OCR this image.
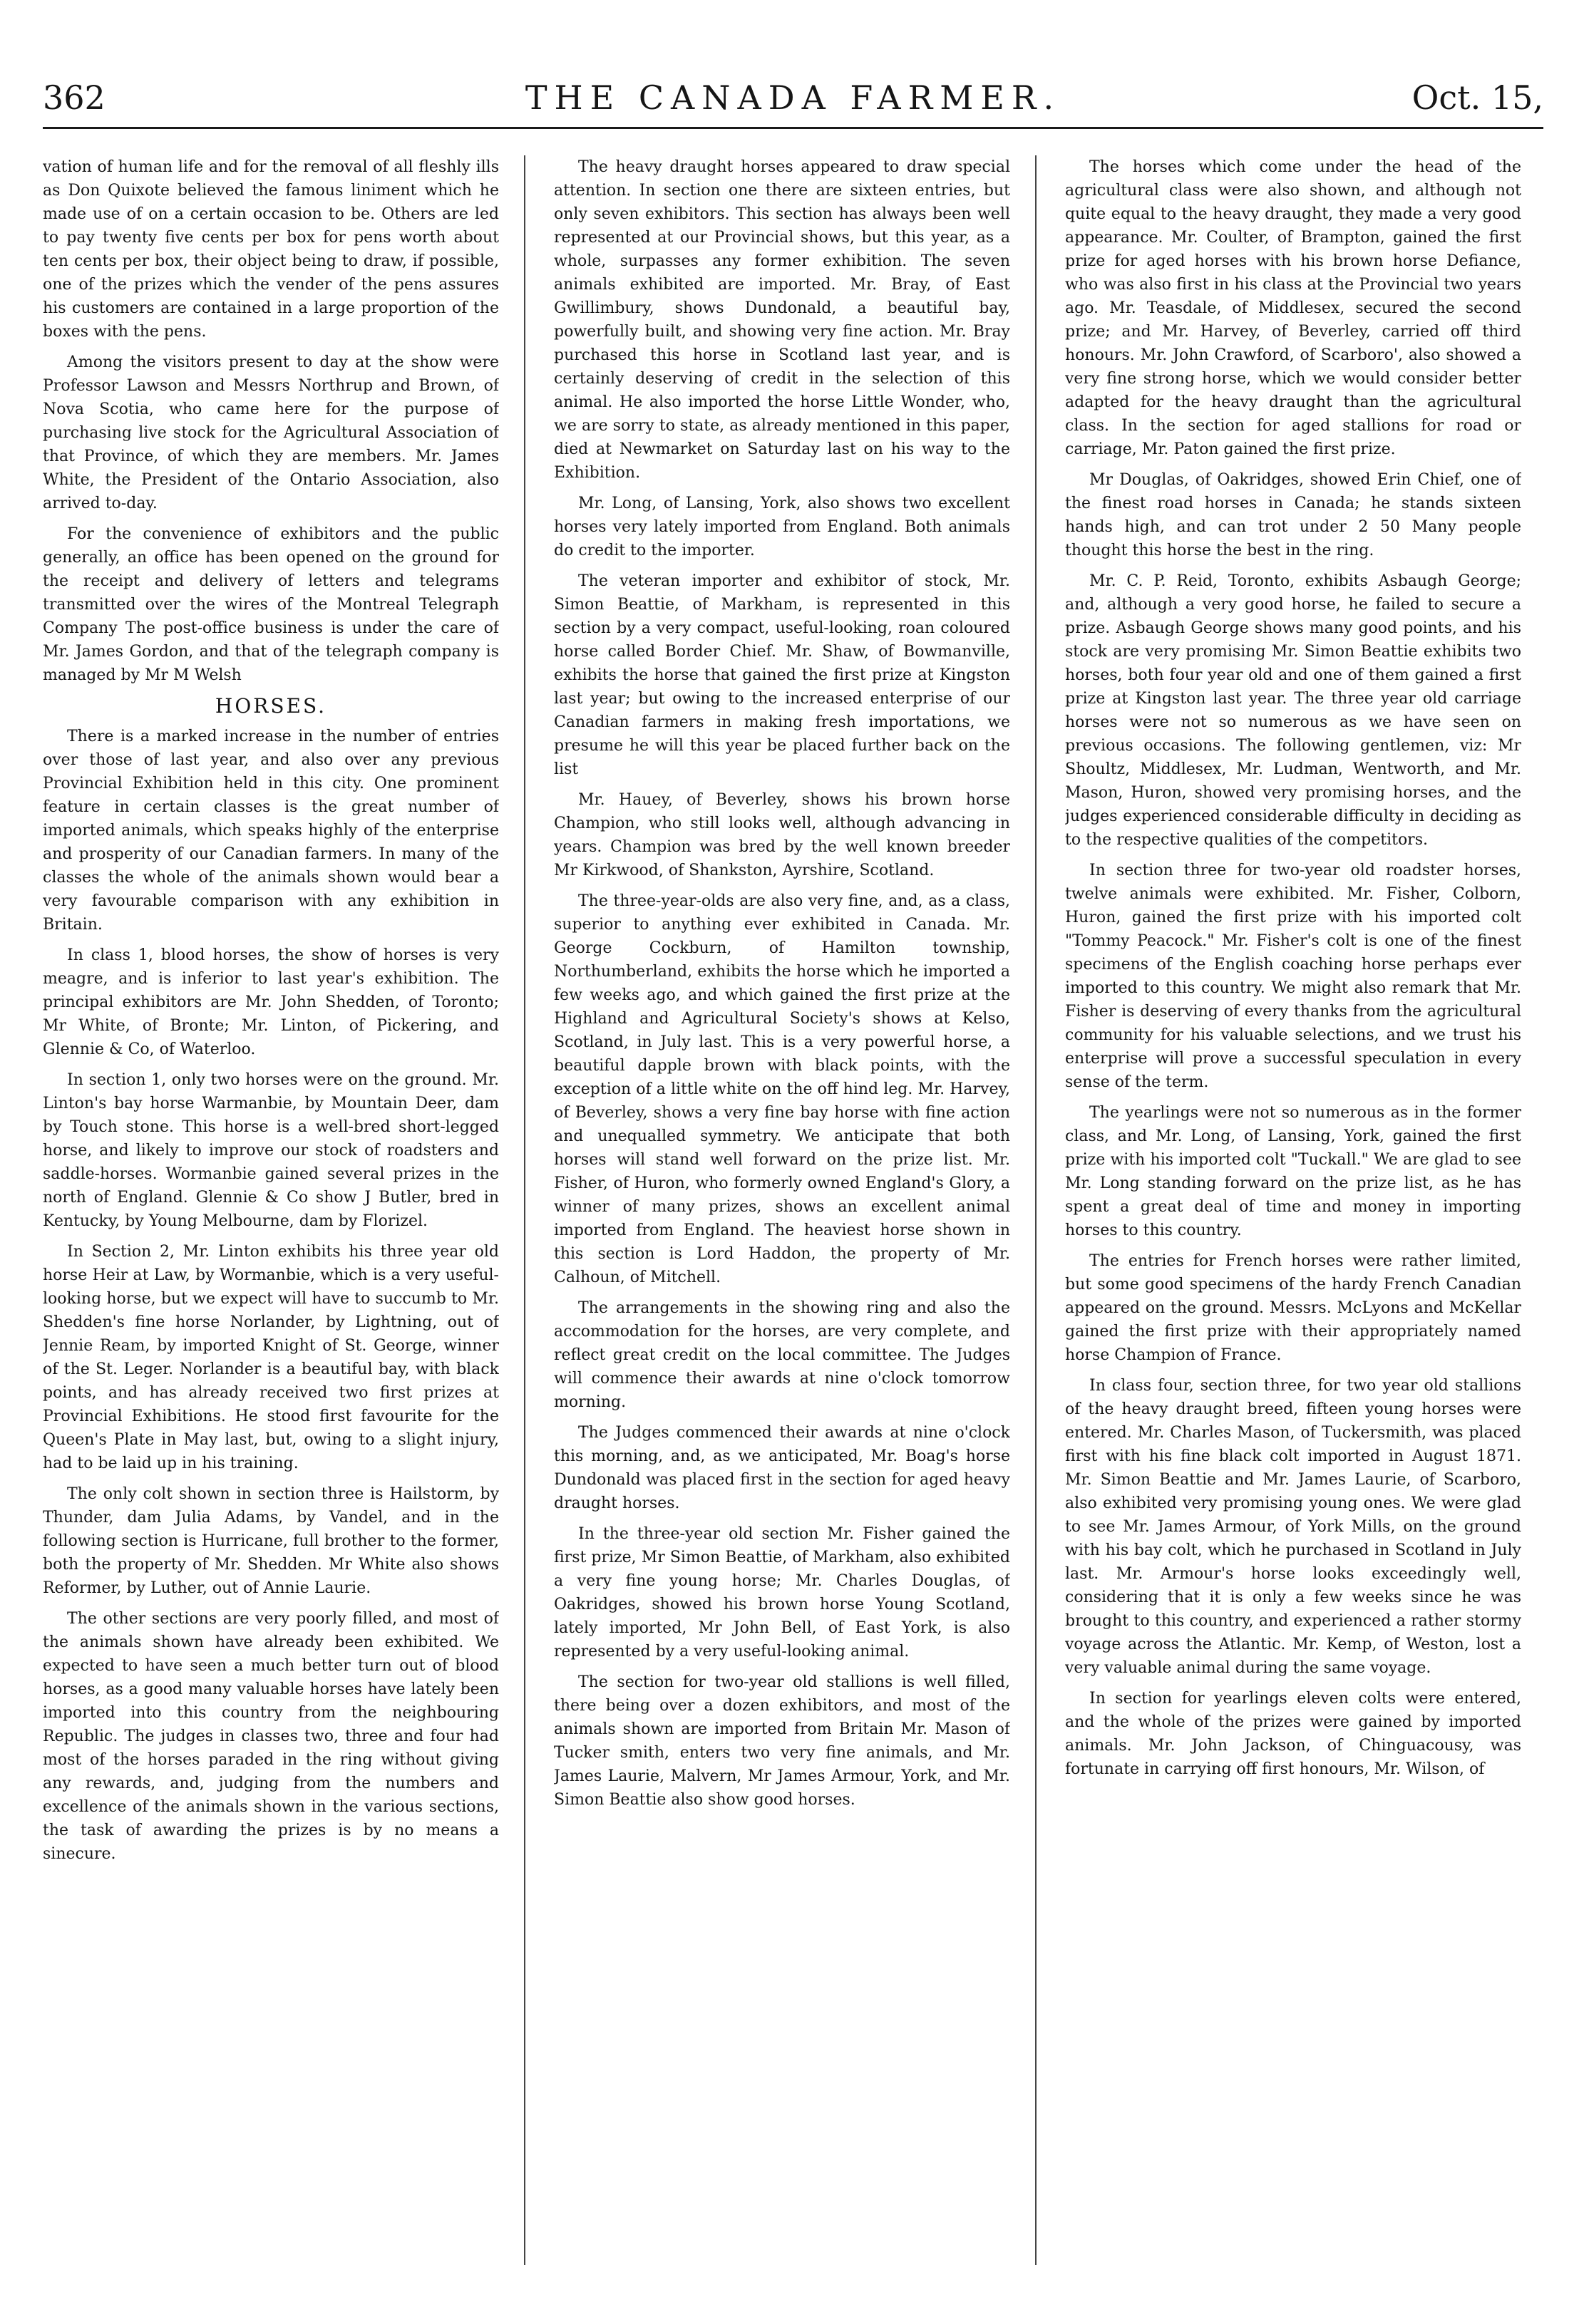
362	THE CANADA FARMER.	Oct. 15,

vation of human life and for the removal of all fleshly ills as Don Quixote believed the famous liniment which he made use of on a certain occasion to be. Others are led to pay twenty five cents per box for pens worth about ten cents per box, their object being to draw, if possible, one of the prizes which the vender of the pens assures his customers are contained in a large proportion of the boxes with the pens.

Among the visitors present to day at the show were Professor Lawson and Messrs Northrup and Brown, of Nova Scotia, who came here for the purpose of purchasing live stock for the Agricultural Association of that Province, of which they are members. Mr. James White, the President of the Ontario Association, also arrived to-day.

For the convenience of exhibitors and the public generally, an office has been opened on the ground for the receipt and delivery of letters and telegrams transmitted over the wires of the Montreal Telegraph Company The post-office business is under the care of Mr. James Gordon, and that of the telegraph company is managed by Mr M Welsh

HORSES.

There is a marked increase in the number of entries over those of last year, and also over any previous Provincial Exhibition held in this city. One prominent feature in certain classes is the great number of imported animals, which speaks highly of the enterprise and prosperity of our Canadian farmers. In many of the classes the whole of the animals shown would bear a very favourable comparison with any exhibition in Britain.

In class 1, blood horses, the show of horses is very meagre, and is inferior to last year's exhibition. The principal exhibitors are Mr. John Shedden, of Toronto; Mr White, of Bronte; Mr. Linton, of Pickering, and Glennie & Co, of Waterloo.

In section 1, only two horses were on the ground. Mr. Linton's bay horse Warmanbie, by Mountain Deer, dam by Touch stone. This horse is a well-bred short-legged horse, and likely to improve our stock of roadsters and saddle-horses. Wormanbie gained several prizes in the north of England. Glennie & Co show J Butler, bred in Kentucky, by Young Melbourne, dam by Florizel.

In Section 2, Mr. Linton exhibits his three year old horse Heir at Law, by Wormanbie, which is a very useful-looking horse, but we expect will have to succumb to Mr. Shedden's fine horse Norlander, by Lightning, out of Jennie Ream, by imported Knight of St. George, winner of the St. Leger. Norlander is a beautiful bay, with black points, and has already received two first prizes at Provincial Exhibitions. He stood first favourite for the Queen's Plate in May last, but, owing to a slight injury, had to be laid up in his training.

The only colt shown in section three is Hailstorm, by Thunder, dam Julia Adams, by Vandel, and in the following section is Hurricane, full brother to the former, both the property of Mr. Shedden. Mr White also shows Reformer, by Luther, out of Annie Laurie.

The other sections are very poorly filled, and most of the animals shown have already been exhibited. We expected to have seen a much better turn out of blood horses, as a good many valuable horses have lately been imported into this country from the neighbouring Republic. The judges in classes two, three and four had most of the horses paraded in the ring without giving any rewards, and, judging from the numbers and excellence of the animals shown in the various sections, the task of awarding the prizes is by no means a sinecure.

The heavy draught horses appeared to draw special attention. In section one there are sixteen entries, but only seven exhibitors. This section has always been well represented at our Provincial shows, but this year, as a whole, surpasses any former exhibition. The seven animals exhibited are imported. Mr. Bray, of East Gwillimbury, shows Dundonald, a beautiful bay, powerfully built, and showing very fine action. Mr. Bray purchased this horse in Scotland last year, and is certainly deserving of credit in the selection of this animal. He also imported the horse Little Wonder, who, we are sorry to state, as already mentioned in this paper, died at Newmarket on Saturday last on his way to the Exhibition.

Mr. Long, of Lansing, York, also shows two excellent horses very lately imported from England. Both animals do credit to the importer.

The veteran importer and exhibitor of stock, Mr. Simon Beattie, of Markham, is represented in this section by a very compact, useful-looking, roan coloured horse called Border Chief. Mr. Shaw, of Bowmanville, exhibits the horse that gained the first prize at Kingston last year; but owing to the increased enterprise of our Canadian farmers in making fresh importations, we presume he will this year be placed further back on the list

Mr. Hauey, of Beverley, shows his brown horse Champion, who still looks well, although advancing in years. Champion was bred by the well known breeder Mr Kirkwood, of Shankston, Ayrshire, Scotland.

The three-year-olds are also very fine, and, as a class, superior to anything ever exhibited in Canada. Mr. George Cockburn, of Hamilton township, Northumberland, exhibits the horse which he imported a few weeks ago, and which gained the first prize at the Highland and Agricultural Society's shows at Kelso, Scotland, in July last. This is a very powerful horse, a beautiful dapple brown with black points, with the exception of a little white on the off hind leg. Mr. Harvey, of Beverley, shows a very fine bay horse with fine action and unequalled symmetry. We anticipate that both horses will stand well forward on the prize list. Mr. Fisher, of Huron, who formerly owned England's Glory, a winner of many prizes, shows an excellent animal imported from England. The heaviest horse shown in this section is Lord Haddon, the property of Mr. Calhoun, of Mitchell.

The arrangements in the showing ring and also the accommodation for the horses, are very complete, and reflect great credit on the local committee. The Judges will commence their awards at nine o'clock tomorrow morning.

The Judges commenced their awards at nine o'clock this morning, and, as we anticipated, Mr. Boag's horse Dundonald was placed first in the section for aged heavy draught horses.

In the three-year old section Mr. Fisher gained the first prize, Mr Simon Beattie, of Markham, also exhibited a very fine young horse; Mr. Charles Douglas, of Oakridges, showed his brown horse Young Scotland, lately imported, Mr John Bell, of East York, is also represented by a very useful-looking animal.

The section for two-year old stallions is well filled, there being over a dozen exhibitors, and most of the animals shown are imported from Britain Mr. Mason of Tucker smith, enters two very fine animals, and Mr. James Laurie, Malvern, Mr James Armour, York, and Mr. Simon Beattie also show good horses.

The horses which come under the head of the agricultural class were also shown, and although not quite equal to the heavy draught, they made a very good appearance. Mr. Coulter, of Brampton, gained the first prize for aged horses with his brown horse Defiance, who was also first in his class at the Provincial two years ago. Mr. Teasdale, of Middlesex, secured the second prize; and Mr. Harvey, of Beverley, carried off third honours. Mr. John Crawford, of Scarboro', also showed a very fine strong horse, which we would consider better adapted for the heavy draught than the agricultural class. In the section for aged stallions for road or carriage, Mr. Paton gained the first prize.

Mr Douglas, of Oakridges, showed Erin Chief, one of the finest road horses in Canada; he stands sixteen hands high, and can trot under 2 50 Many people thought this horse the best in the ring.

Mr. C. P. Reid, Toronto, exhibits Asbaugh George; and, although a very good horse, he failed to secure a prize. Asbaugh George shows many good points, and his stock are very promising Mr. Simon Beattie exhibits two horses, both four year old and one of them gained a first prize at Kingston last year. The three year old carriage horses were not so numerous as we have seen on previous occasions. The following gentlemen, viz: Mr Shoultz, Middlesex, Mr. Ludman, Wentworth, and Mr. Mason, Huron, showed very promising horses, and the judges experienced considerable difficulty in deciding as to the respective qualities of the competitors.

In section three for two-year old roadster horses, twelve animals were exhibited. Mr. Fisher, Colborn, Huron, gained the first prize with his imported colt "Tommy Peacock." Mr. Fisher's colt is one of the finest specimens of the English coaching horse perhaps ever imported to this country. We might also remark that Mr. Fisher is deserving of every thanks from the agricultural community for his valuable selections, and we trust his enterprise will prove a successful speculation in every sense of the term.

The yearlings were not so numerous as in the former class, and Mr. Long, of Lansing, York, gained the first prize with his imported colt "Tuckall." We are glad to see Mr. Long standing forward on the prize list, as he has spent a great deal of time and money in importing horses to this country.

The entries for French horses were rather limited, but some good specimens of the hardy French Canadian appeared on the ground. Messrs. McLyons and McKellar gained the first prize with their appropriately named horse Champion of France.

In class four, section three, for two year old stallions of the heavy draught breed, fifteen young horses were entered. Mr. Charles Mason, of Tuckersmith, was placed first with his fine black colt imported in August 1871. Mr. Simon Beattie and Mr. James Laurie, of Scarboro, also exhibited very promising young ones. We were glad to see Mr. James Armour, of York Mills, on the ground with his bay colt, which he purchased in Scotland in July last. Mr. Armour's horse looks exceedingly well, considering that it is only a few weeks since he was brought to this country, and experienced a rather stormy voyage across the Atlantic. Mr. Kemp, of Weston, lost a very valuable animal during the same voyage.

In section for yearlings eleven colts were entered, and the whole of the prizes were gained by imported animals. Mr. John Jackson, of Chinguacousy, was fortunate in carrying off first honours, Mr. Wilson, of
